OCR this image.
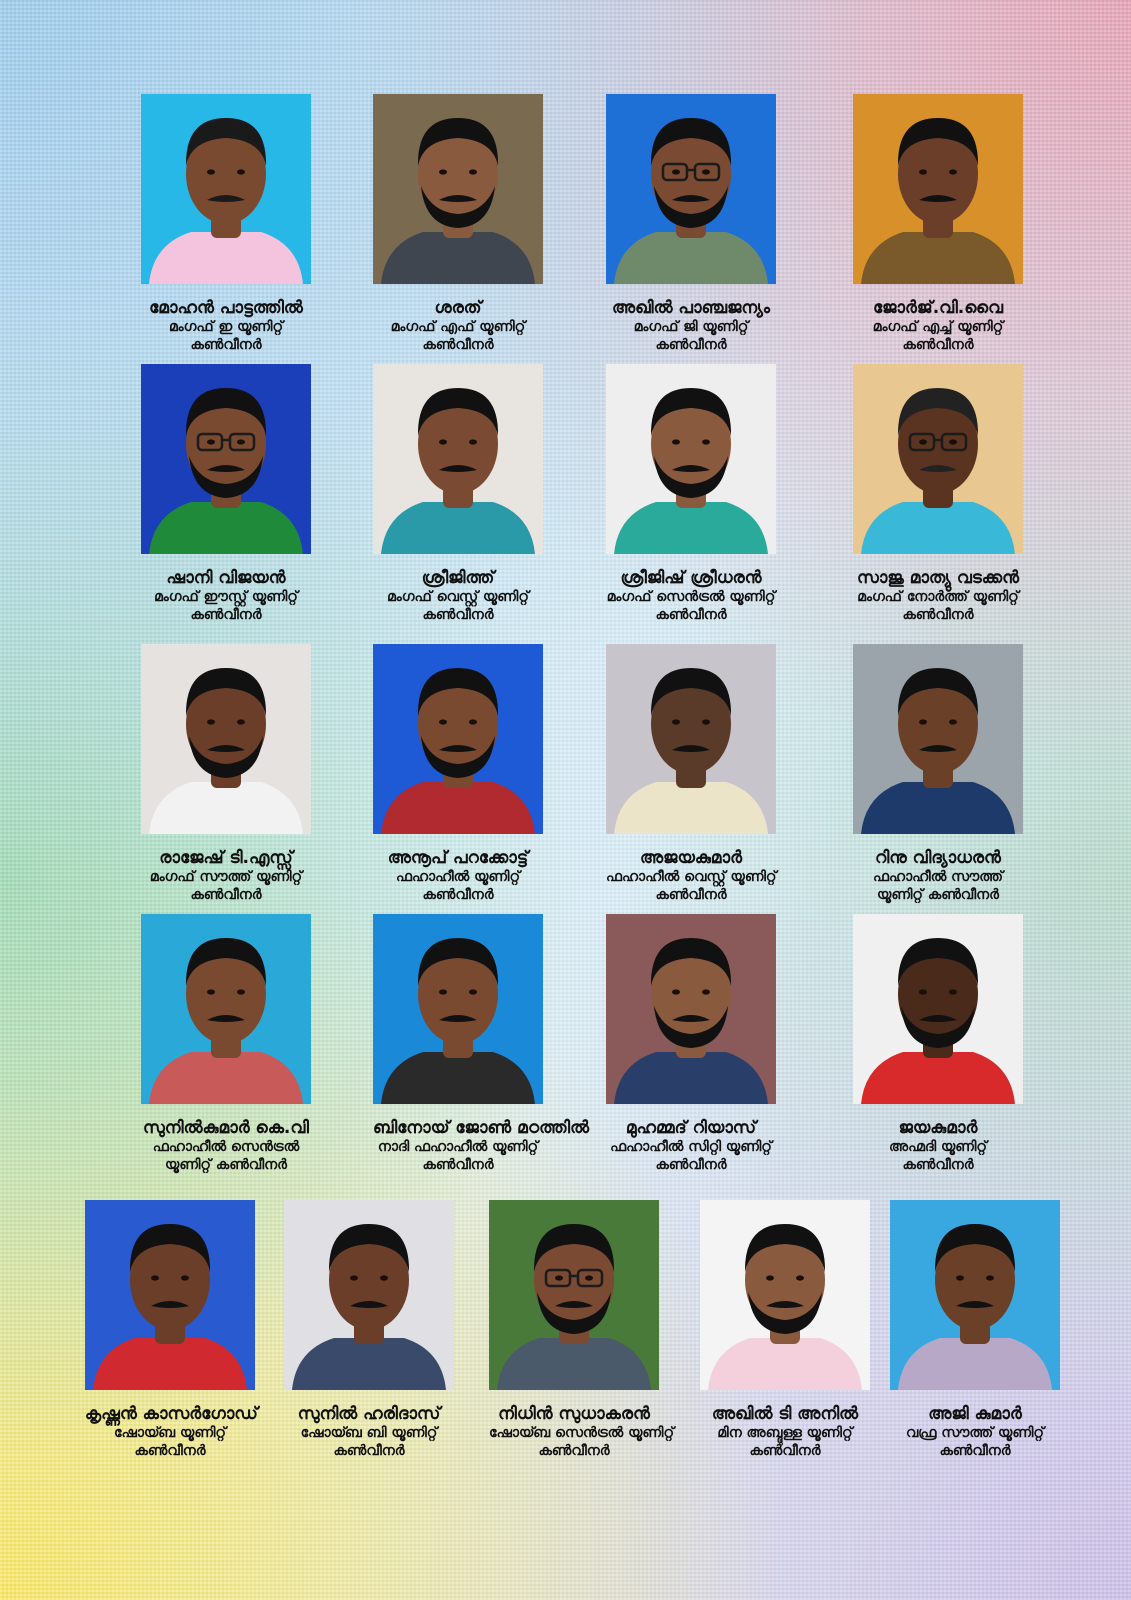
മോഹൻ പാട്ടത്തിൽ
മംഗഫ് ഇ യൂണിറ്റ്
കൺവീനർ
ശരത്
മംഗഫ് എഫ് യൂണിറ്റ്
കൺവീനർ
അഖിൽ പാഞ്ചജന്യം
മംഗഫ് ജി യൂണിറ്റ്
കൺവീനർ
ജോർജ്.വി.വൈ
മംഗഫ് എച്ച് യൂണിറ്റ്
കൺവീനർ
ഷാനി വിജയൻ
മംഗഫ് ഈസ്റ്റ് യൂണിറ്റ്
കൺവീനർ
ശ്രീജിത്ത്
മംഗഫ് വെസ്റ്റ് യൂണിറ്റ്
കൺവീനർ
ശ്രീജിഷ് ശ്രീധരൻ
മംഗഫ് സെൻട്രൽ യൂണിറ്റ്
കൺവീനർ
സാജു മാത്യു വടക്കൻ
മംഗഫ് നോർത്ത് യൂണിറ്റ്
കൺവീനർ
രാജേഷ് ടി.എസ്സ്
മംഗഫ് സൗത്ത് യൂണിറ്റ്
കൺവീനർ
അനൂപ് പറക്കോട്ട്
ഫഹാഹീൽ യൂണിറ്റ്
കൺവീനർ
അജയകുമാർ
ഫഹാഹീൽ വെസ്റ്റ് യൂണിറ്റ്
കൺവീനർ
റിനു വിദ്യാധരൻ
ഫഹാഹീൽ സൗത്ത്
യൂണിറ്റ് കൺവീനർ
സുനിൽകുമാർ കെ.വി
ഫഹാഹീൽ സെൻട്രൽ
യൂണിറ്റ് കൺവീനർ
ബിനോയ് ജോൺ മഠത്തിൽ
നാദി ഫഹാഹീൽ യൂണിറ്റ്
കൺവീനർ
മുഹമ്മദ് റിയാസ്
ഫഹാഹീൽ സിറ്റി യൂണിറ്റ്
കൺവീനർ
ജയകുമാർ
അഹ്മദി യൂണിറ്റ്
കൺവീനർ
കൃഷ്ണൻ കാസർഗോഡ്
ഷോയ്ബ യൂണിറ്റ്
കൺവീനർ
സുനിൽ ഹരിദാസ്
ഷോയ്ബ ബി യൂണിറ്റ്
കൺവീനർ
നിധിൻ സുധാകരൻ
ഷോയ്ബ സെൻട്രൽ യൂണിറ്റ്
കൺവീനർ
അഖിൽ ടി അനിൽ
മിന അബ്ദുള്ള യൂണിറ്റ്
കൺവീനർ
അജി കുമാർ
വഫ്ര സൗത്ത് യൂണിറ്റ്
കൺവീനർ
